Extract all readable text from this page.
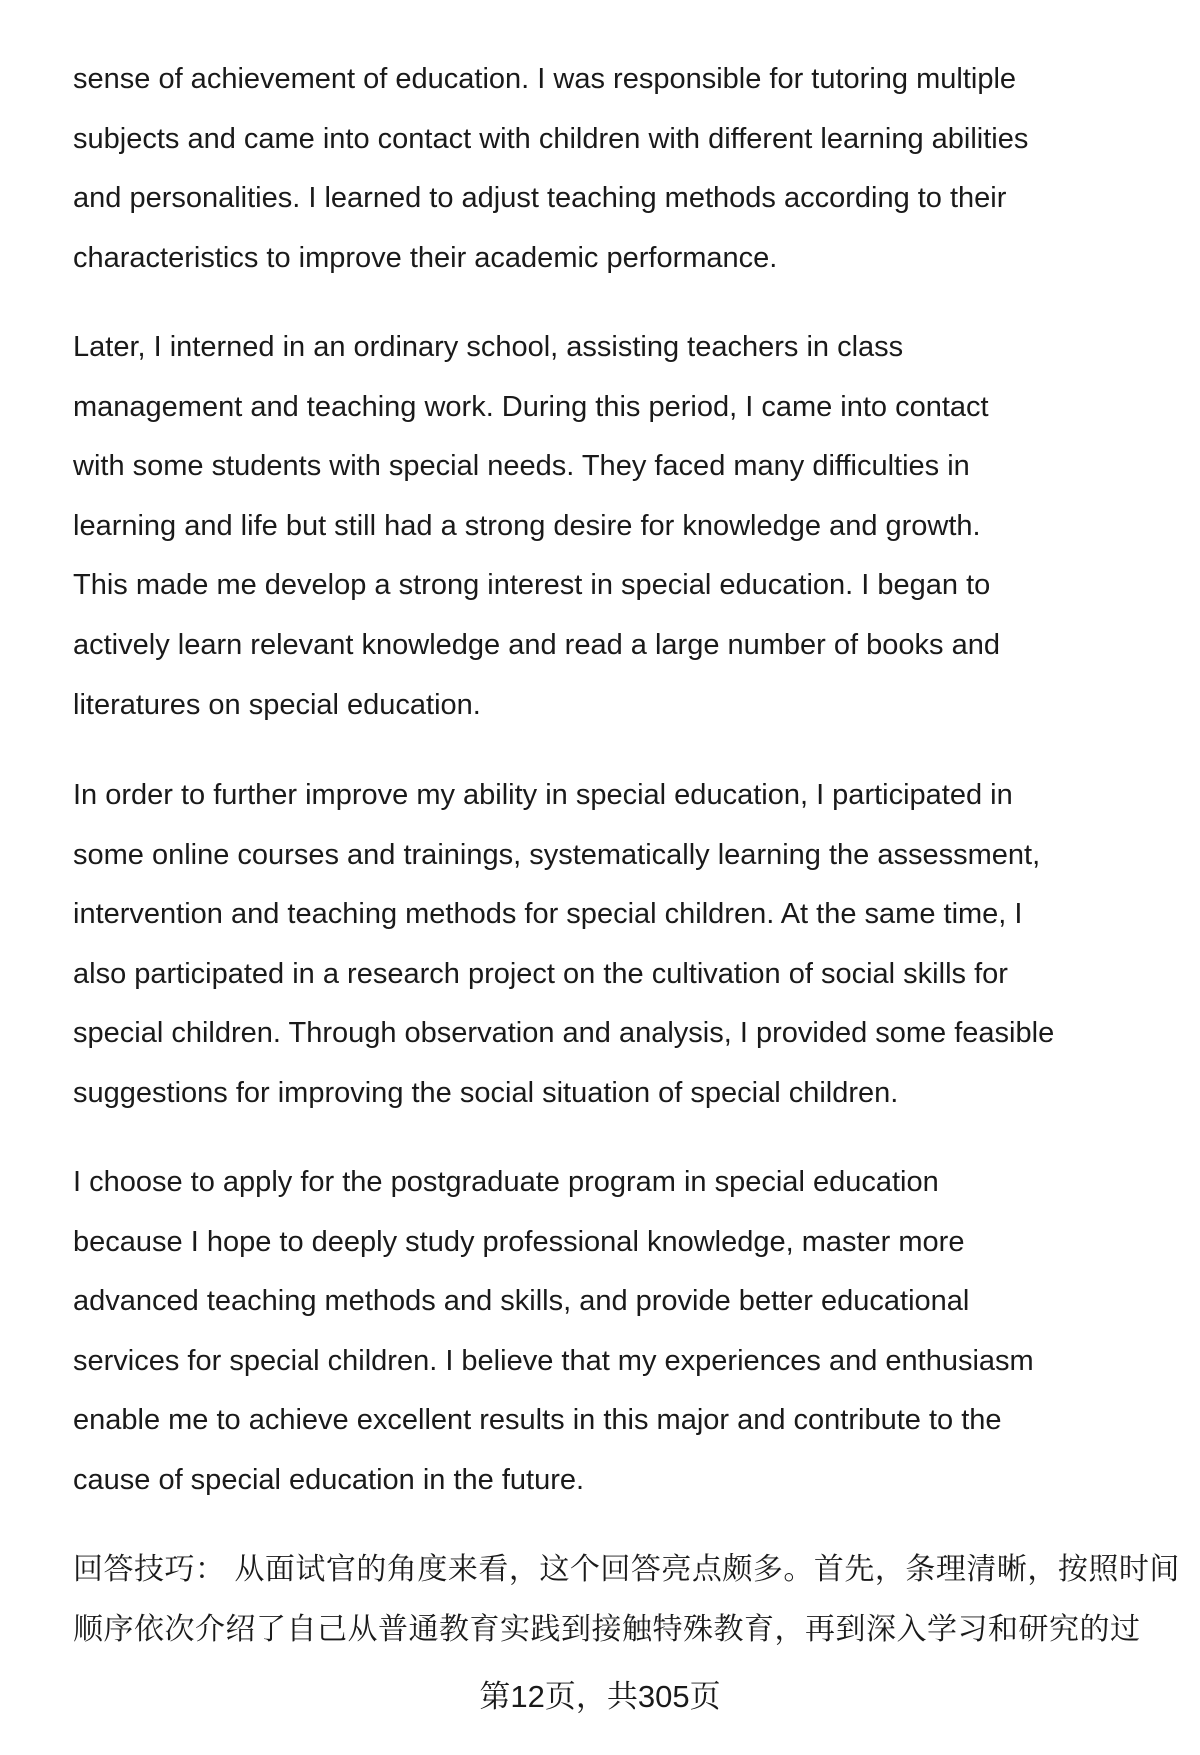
sense of achievement of education. I was responsible for tutoring multiple
subjects and came into contact with children with different learning abilities
and personalities. I learned to adjust teaching methods according to their
characteristics to improve their academic performance.
Later, I interned in an ordinary school, assisting teachers in class
management and teaching work. During this period, I came into contact
with some students with special needs. They faced many difficulties in
learning and life but still had a strong desire for knowledge and growth.
This made me develop a strong interest in special education. I began to
actively learn relevant knowledge and read a large number of books and
literatures on special education.
In order to further improve my ability in special education, I participated in
some online courses and trainings, systematically learning the assessment,
intervention and teaching methods for special children. At the same time, I
also participated in a research project on the cultivation of social skills for
special children. Through observation and analysis, I provided some feasible
suggestions for improving the social situation of special children.
I choose to apply for the postgraduate program in special education
because I hope to deeply study professional knowledge, master more
advanced teaching methods and skills, and provide better educational
services for special children. I believe that my experiences and enthusiasm
enable me to achieve excellent results in this major and contribute to the
cause of special education in the future.
回答技巧： 从面试官的角度来看，这个回答亮点颇多。首先，条理清晰，按照时间
顺序依次介绍了自己从普通教育实践到接触特殊教育，再到深入学习和研究的过
第12页，共305页
